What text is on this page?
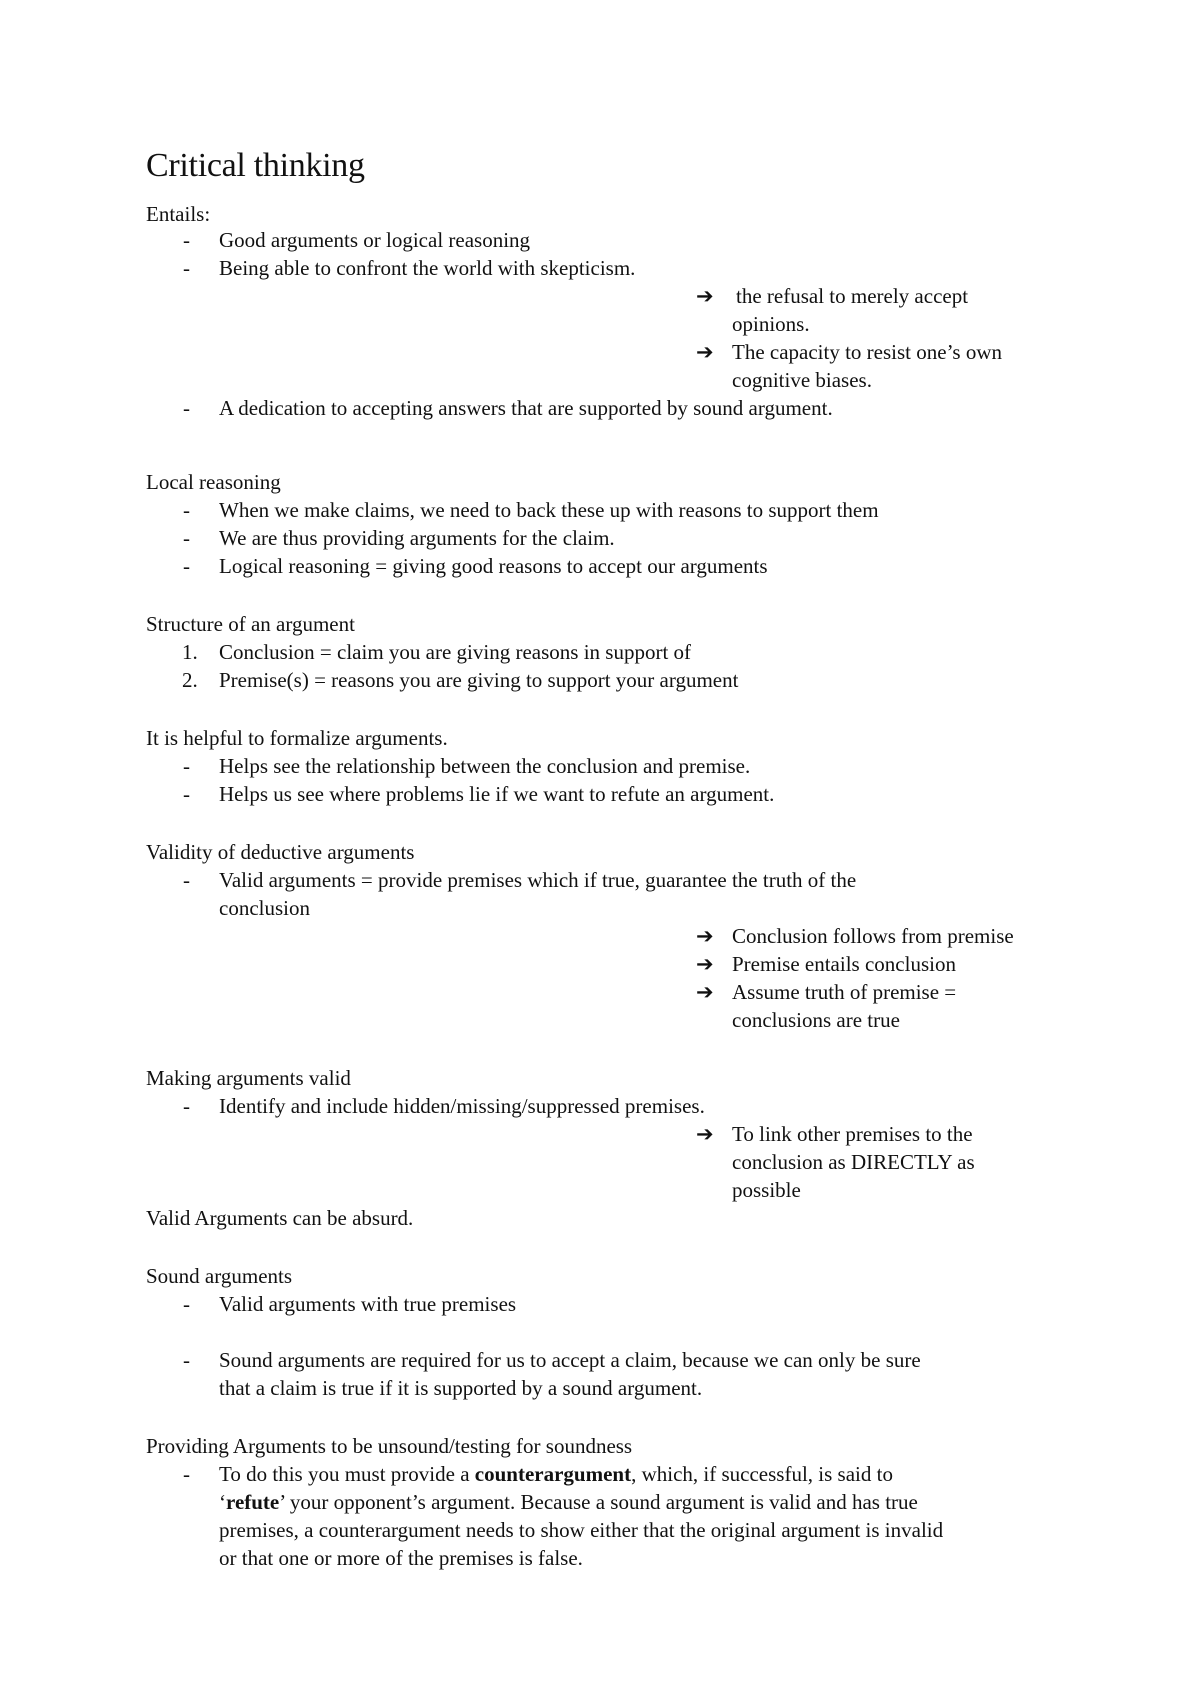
Critical thinking
Entails:
- Good arguments or logical reasoning
- Being able to confront the world with skepticism.
➔ the refusal to merely accept
opinions.
➔ The capacity to resist one’s own
cognitive biases.
- A dedication to accepting answers that are supported by sound argument.
Local reasoning
- When we make claims, we need to back these up with reasons to support them
- We are thus providing arguments for the claim.
- Logical reasoning = giving good reasons to accept our arguments
Structure of an argument
1. Conclusion = claim you are giving reasons in support of
2. Premise(s) = reasons you are giving to support your argument
It is helpful to formalize arguments.
- Helps see the relationship between the conclusion and premise.
- Helps us see where problems lie if we want to refute an argument.
Validity of deductive arguments
- Valid arguments = provide premises which if true, guarantee the truth of the
conclusion
➔ Conclusion follows from premise
➔ Premise entails conclusion
➔ Assume truth of premise =
conclusions are true
Making arguments valid
- Identify and include hidden/missing/suppressed premises.
➔ To link other premises to the
conclusion as DIRECTLY as
possible
Valid Arguments can be absurd.
Sound arguments
- Valid arguments with true premises
- Sound arguments are required for us to accept a claim, because we can only be sure
that a claim is true if it is supported by a sound argument.
Providing Arguments to be unsound/testing for soundness
- To do this you must provide a counterargument, which, if successful, is said to
‘refute’ your opponent’s argument. Because a sound argument is valid and has true
premises, a counterargument needs to show either that the original argument is invalid
or that one or more of the premises is false.
